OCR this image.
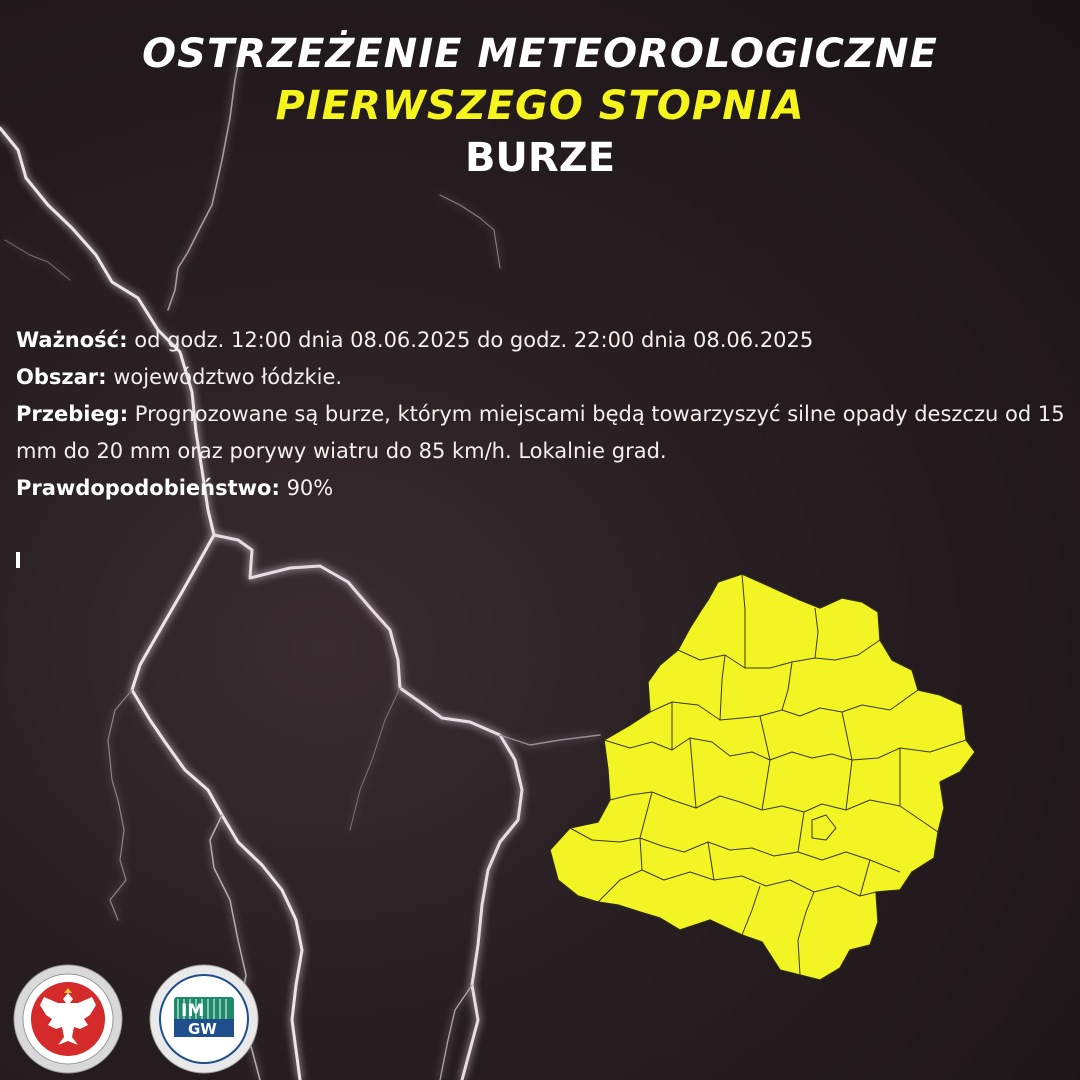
OSTRZEŻENIE METEOROLOGICZNE
PIERWSZEGO STOPNIA
BURZE
Ważność: od godz. 12:00 dnia 08.06.2025 do godz. 22:00 dnia 08.06.2025
Obszar: województwo łódzkie.
Przebieg: Prognozowane są burze, którym miejscami będą towarzyszyć silne opady deszczu od 15 mm do 20 mm oraz porywy wiatru do 85 km/h. Lokalnie grad.
Prawdopodobieństwo: 90%
IM
GW
